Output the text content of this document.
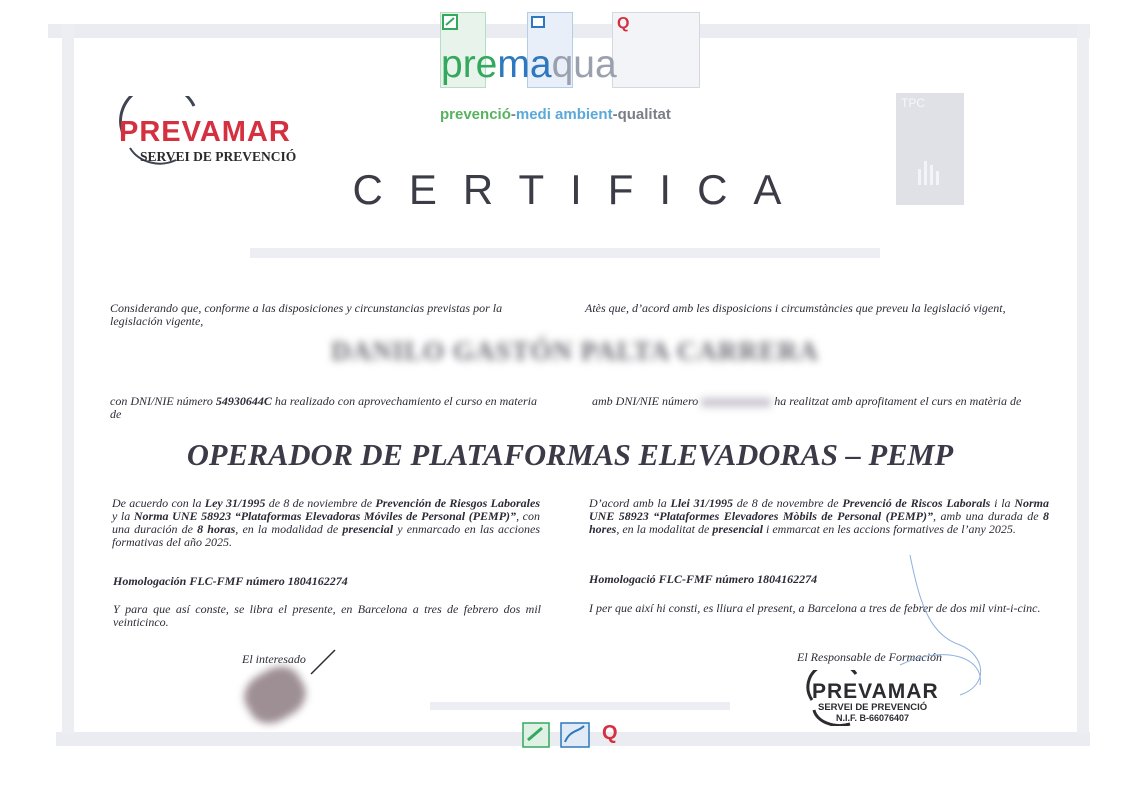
Q
premaqua
prevenció-medi ambient-qualitat
PREVAMAR
SERVEI DE PREVENCIÓ
TPC
CERTIFICA
Considerando que, conforme a las disposiciones y circunstancias previstas por la legislación vigente,
Atès que, d’acord amb les disposicions i circumstàncies que preveu la legislació vigent,
DANILO GASTÓN PALTA CARRERA
con DNI/NIE número 54930644C ha realizado con aprovechamiento el curso en materia de
amb DNI/NIE número	ha realitzat amb aprofitament el curs en matèria de
OPERADOR DE PLATAFORMAS ELEVADORAS – PEMP
De acuerdo con la Ley 31/1995 de 8 de noviembre de Prevención de Riesgos Laborales y la Norma UNE 58923 “Plataformas Elevadoras Móviles de Personal (PEMP)”, con una duración de 8 horas, en la modalidad de presencial y enmarcado en las acciones formativas del año 2025.
D’acord amb la Llei 31/1995 de 8 de novembre de Prevenció de Riscos Laborals i la Norma UNE 58923 “Plataformes Elevadores Mòbils de Personal (PEMP)”, amb una durada de 8 hores, en la modalitat de presencial i emmarcat en les accions formatives de l’any 2025.
Homologación FLC-FMF número 1804162274	Homologació FLC-FMF número 1804162274
Y para que así conste, se libra el presente, en Barcelona a tres de febrero dos mil veinticinco.
I per que així hi consti, es lliura el present, a Barcelona a tres de febrer de dos mil vint-i-cinc.
El interesado	El Responsable de Formación
PREVAMAR
SERVEI DE PREVENCIÓ
N.I.F. B-66076407
Q
